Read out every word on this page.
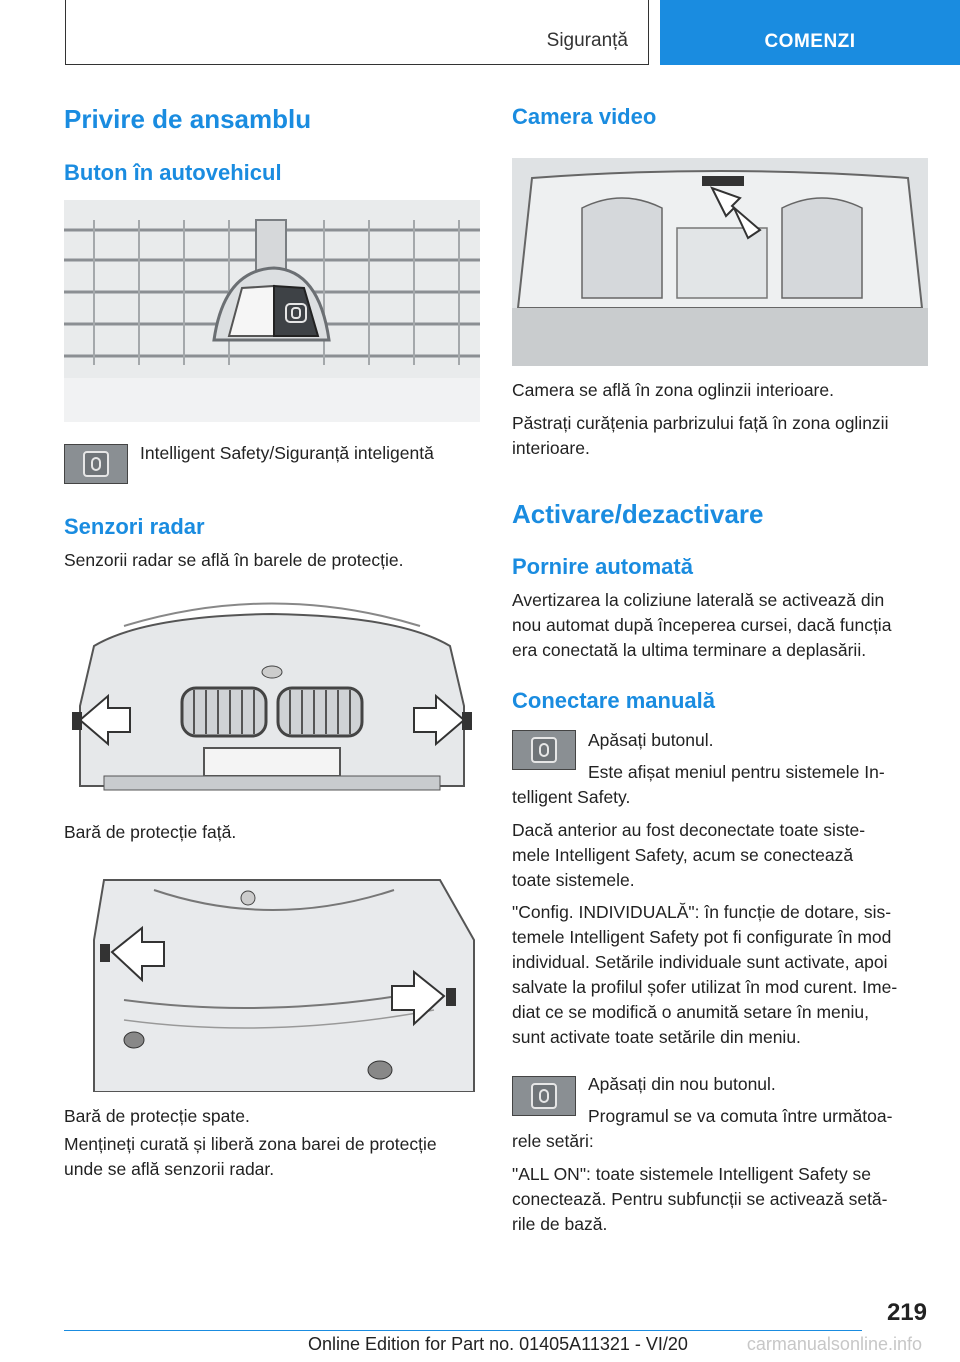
Siguranță	COMENZI
Privire de ansamblu
Buton în autovehicul

Intelligent Safety/Siguranță inteligentă

Senzori radar

Senzorii radar se află în barele de protecție.

Bară de protecție față.

Bară de protecție spate.

Mențineți curată și liberă zona barei de protecție

unde se află senzorii radar.

Camera video

Camera se află în zona oglinzii interioare.

Păstrați curățenia parbrizului față în zona oglinzii

interioare.

Activare/dezactivare
Pornire automată

Avertizarea la coliziune laterală se activează din

nou automat după începerea cursei, dacă funcția

era conectată la ultima terminare a deplasării.

Conectare manuală

Apăsați butonul.

Este afișat meniul pentru sistemele In-

telligent Safety.

Dacă anterior au fost deconectate toate siste-

mele Intelligent Safety, acum se conectează

toate sistemele.

"Config. INDIVIDUALĂ": în funcție de dotare, sis-

temele Intelligent Safety pot fi configurate în mod

individual. Setările individuale sunt activate, apoi

salvate la profilul șofer utilizat în mod curent. Ime-

diat ce se modifică o anumită setare în meniu,

sunt activate toate setările din meniu.

Apăsați din nou butonul.

Programul se va comuta între următoa-

rele setări:

"ALL ON": toate sistemele Intelligent Safety se

conectează. Pentru subfuncții se activează setă-

rile de bază.

219
Online Edition for Part no. 01405A11321 - VI/20	carmanualsonline.info
